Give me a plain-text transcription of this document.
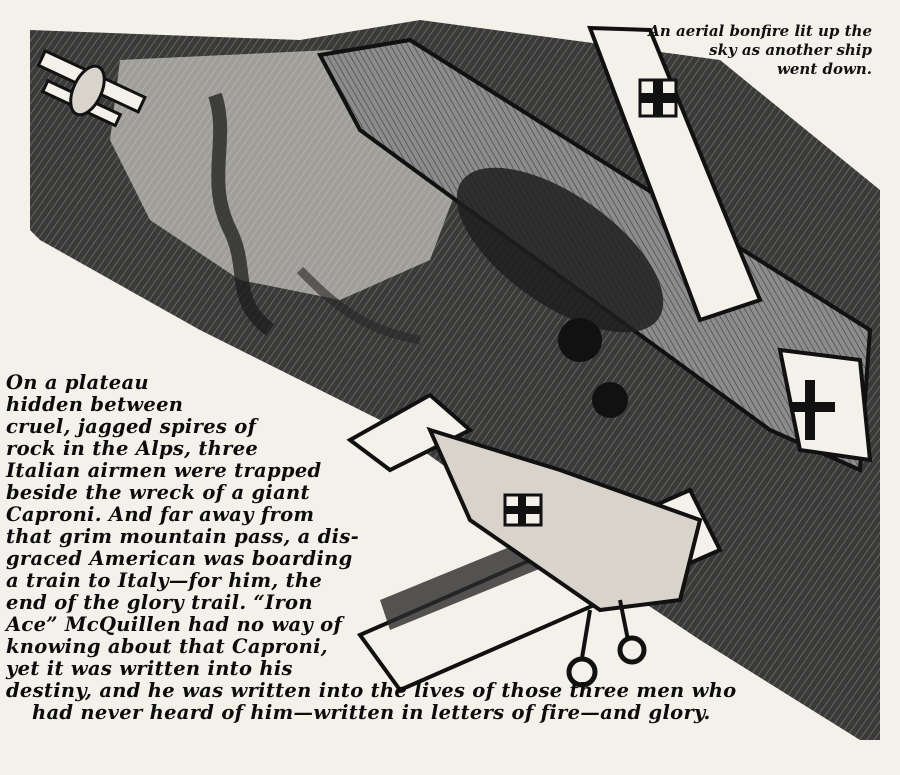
An aerial bonfire lit up the
sky as another ship
went down.
On a plateau
hidden between
cruel, jagged spires of
rock in the Alps, three
Italian airmen were trapped
beside the wreck of a giant
Caproni. And far away from
that grim mountain pass, a dis-
graced American was boarding
a train to Italy—for him, the
end of the glory trail. “Iron
Ace” McQuillen had no way of
knowing about that Caproni,
yet it was written into his
destiny, and he was written into the lives of those three men who
had never heard of him—written in letters of fire—and glory.
